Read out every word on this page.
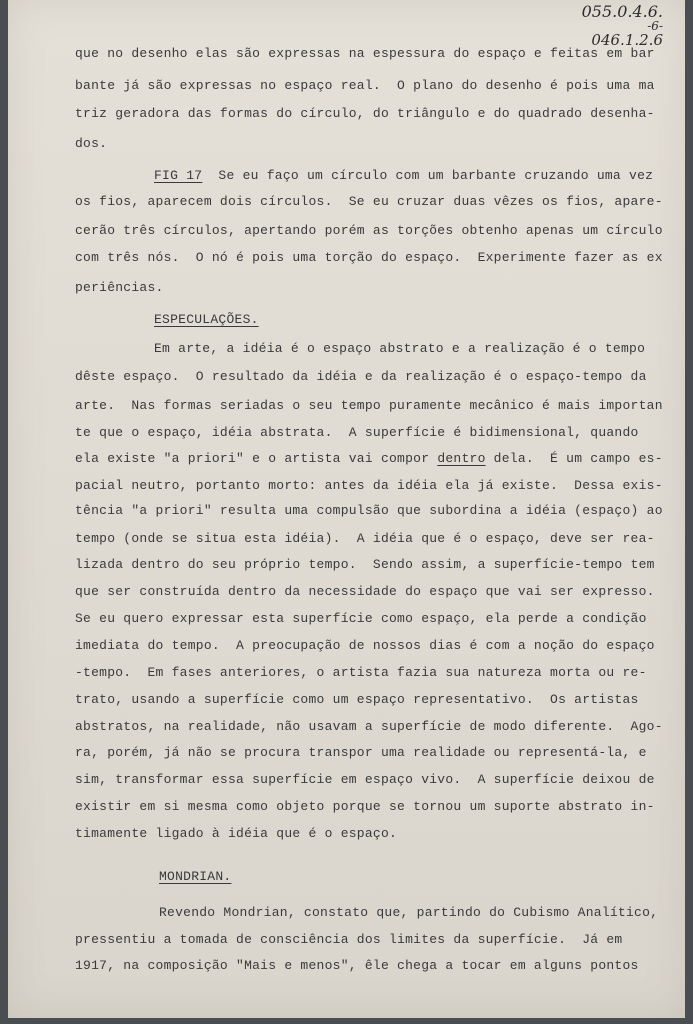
055.0.4.6.
-6-
046.1.2.6
que no desenho elas são expressas na espessura do espaço e feitas em bar
bante já são expressas no espaço real.  O plano do desenho é pois uma ma
triz geradora das formas do círculo, do triângulo e do quadrado desenha-
dos.
FIG 17  Se eu faço um círculo com um barbante cruzando uma vez
os fios, aparecem dois círculos.  Se eu cruzar duas vêzes os fios, apare-
cerão três círculos, apertando porém as torções obtenho apenas um círculo
com três nós.  O nó é pois uma torção do espaço.  Experimente fazer as ex
periências.
ESPECULAÇÕES.
Em arte, a idéia é o espaço abstrato e a realização é o tempo
dêste espaço.  O resultado da idéia e da realização é o espaço-tempo da
arte.  Nas formas seriadas o seu tempo puramente mecânico é mais importan
te que o espaço, idéia abstrata.  A superfície é bidimensional, quando
ela existe "a priori" e o artista vai compor dentro dela.  É um campo es-
pacial neutro, portanto morto: antes da idéia ela já existe.  Dessa exis-
tência "a priori" resulta uma compulsão que subordina a idéia (espaço) ao
tempo (onde se situa esta idéia).  A idéia que é o espaço, deve ser rea-
lizada dentro do seu próprio tempo.  Sendo assim, a superfície-tempo tem
que ser construída dentro da necessidade do espaço que vai ser expresso.
Se eu quero expressar esta superfície como espaço, ela perde a condição
imediata do tempo.  A preocupação de nossos dias é com a noção do espaço
-tempo.  Em fases anteriores, o artista fazia sua natureza morta ou re-
trato, usando a superfície como um espaço representativo.  Os artistas
abstratos, na realidade, não usavam a superfície de modo diferente.  Ago-
ra, porém, já não se procura transpor uma realidade ou representá-la, e
sim, transformar essa superfície em espaço vivo.  A superfície deixou de
existir em si mesma como objeto porque se tornou um suporte abstrato in-
timamente ligado à idéia que é o espaço.
MONDRIAN.
Revendo Mondrian, constato que, partindo do Cubismo Analítico,
pressentiu a tomada de consciência dos limites da superfície.  Já em
1917, na composição "Mais e menos", êle chega a tocar em alguns pontos
